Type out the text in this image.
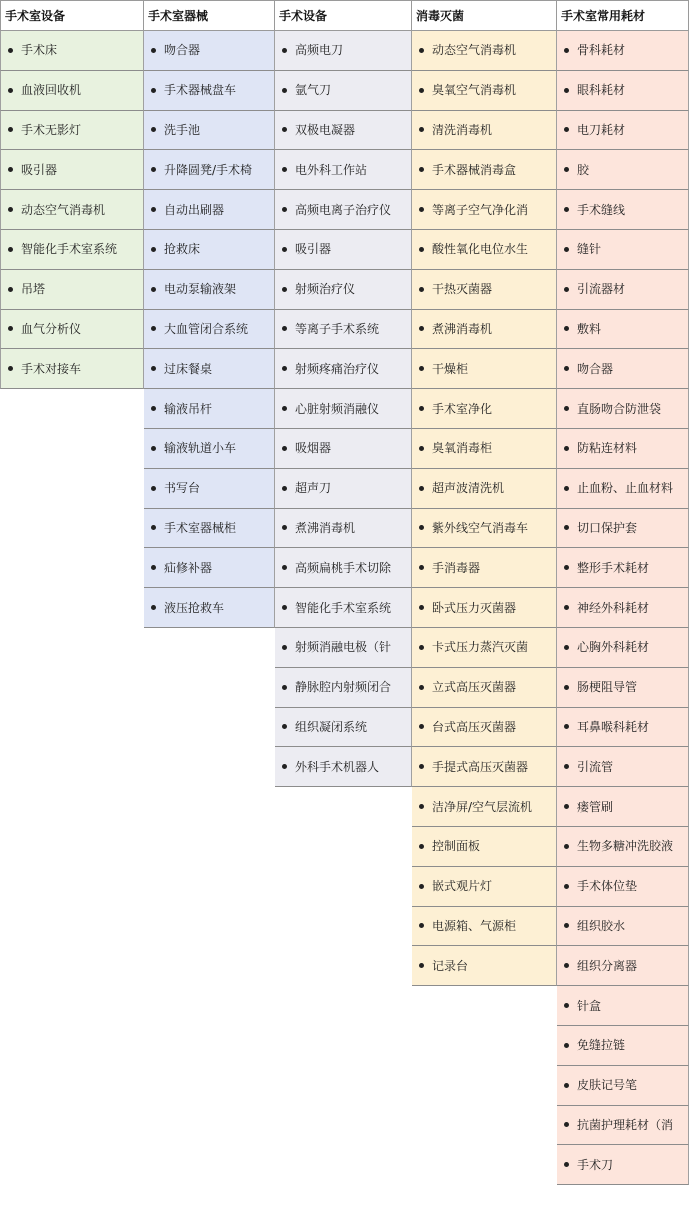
手术室设备
手术床
血液回收机
手术无影灯
吸引器
动态空气消毒机
智能化手术室系统
吊塔
血气分析仪
手术对接车
手术室器械
吻合器
手术器械盘车
洗手池
升降圆凳/手术椅
自动出刷器
抢救床
电动泵输液架
大血管闭合系统
过床餐桌
输液吊杆
输液轨道小车
书写台
手术室器械柜
疝修补器
液压抢救车
手术设备
高频电刀
氩气刀
双极电凝器
电外科工作站
高频电离子治疗仪
吸引器
射频治疗仪
等离子手术系统
射频疼痛治疗仪
心脏射频消融仪
吸烟器
超声刀
煮沸消毒机
高频扁桃手术切除
智能化手术室系统
射频消融电极（针
静脉腔内射频闭合
组织凝闭系统
外科手术机器人
消毒灭菌
动态空气消毒机
臭氧空气消毒机
清洗消毒机
手术器械消毒盒
等离子空气净化消
酸性氧化电位水生
干热灭菌器
煮沸消毒机
干燥柜
手术室净化
臭氧消毒柜
超声波清洗机
紫外线空气消毒车
手消毒器
卧式压力灭菌器
卡式压力蒸汽灭菌
立式高压灭菌器
台式高压灭菌器
手提式高压灭菌器
洁净屏/空气层流机
控制面板
嵌式观片灯
电源箱、气源柜
记录台
手术室常用耗材
骨科耗材
眼科耗材
电刀耗材
胶
手术缝线
缝针
引流器材
敷料
吻合器
直肠吻合防泄袋
防粘连材料
止血粉、止血材料
切口保护套
整形手术耗材
神经外科耗材
心胸外科耗材
肠梗阻导管
耳鼻喉科耗材
引流管
瘘管刷
生物多糖冲洗胶液
手术体位垫
组织胶水
组织分离器
针盒
免缝拉链
皮肤记号笔
抗菌护理耗材（消
手术刀
